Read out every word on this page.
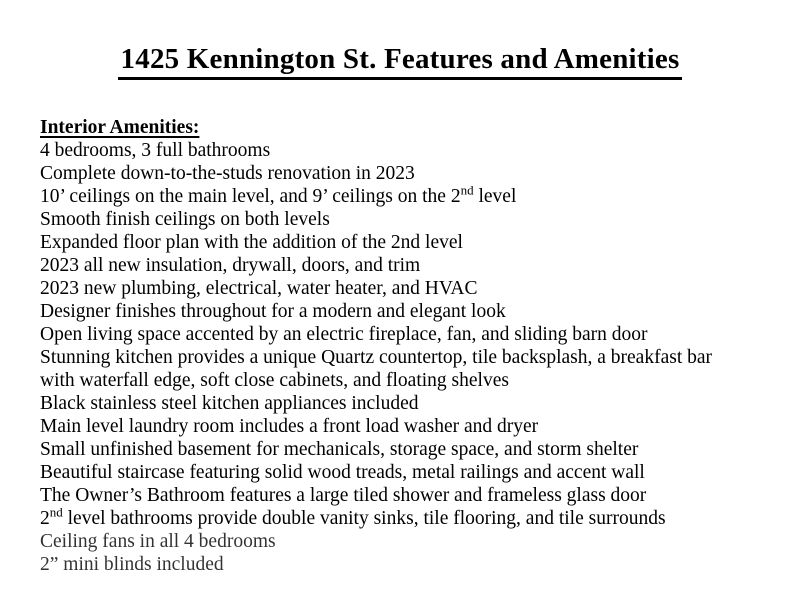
1425 Kennington St. Features and Amenities
Interior Amenities:
4 bedrooms, 3 full bathrooms
Complete down-to-the-studs renovation in 2023
10’ ceilings on the main level, and 9’ ceilings on the 2nd level
Smooth finish ceilings on both levels
Expanded floor plan with the addition of the 2nd level
2023 all new insulation, drywall, doors, and trim
2023 new plumbing, electrical, water heater, and HVAC
Designer finishes throughout for a modern and elegant look
Open living space accented by an electric fireplace, fan, and sliding barn door
Stunning kitchen provides a unique Quartz countertop, tile backsplash, a breakfast bar with waterfall edge, soft close cabinets, and floating shelves
Black stainless steel kitchen appliances included
Main level laundry room includes a front load washer and dryer
Small unfinished basement for mechanicals, storage space, and storm shelter
Beautiful staircase featuring solid wood treads, metal railings and accent wall
The Owner’s Bathroom features a large tiled shower and frameless glass door
2nd level bathrooms provide double vanity sinks, tile flooring, and tile surrounds
Ceiling fans in all 4 bedrooms
2” mini blinds included
